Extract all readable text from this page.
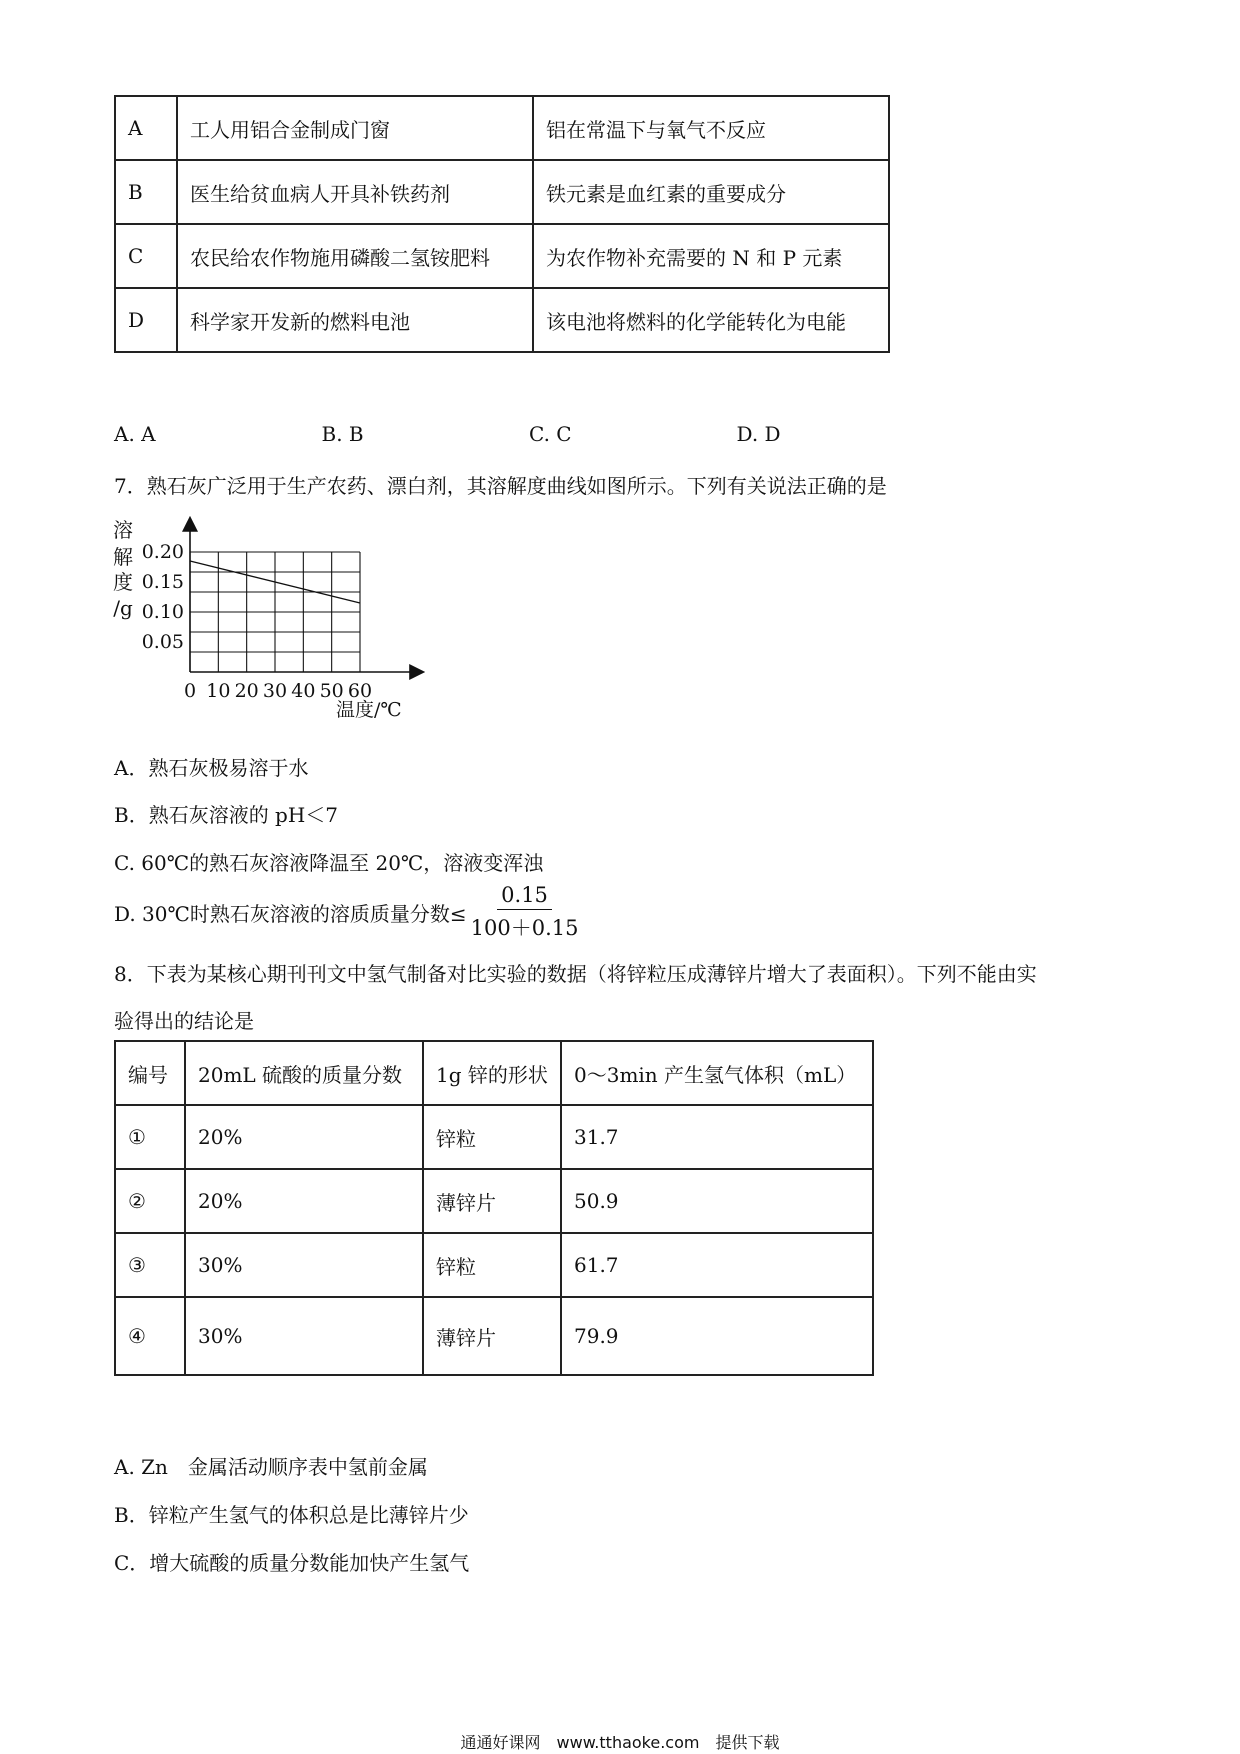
A	工人用铝合金制成门窗	铝在常温下与氧气不反应
B	医生给贫血病人开具补铁药剂	铁元素是血红素的重要成分
C	农民给农作物施用磷酸二氢铵肥料	为农作物补充需要的 N 和 P 元素
D	科学家开发新的燃料电池	该电池将燃料的化学能转化为电能
A. A	B. B	C. C	D. D
7．熟石灰广泛用于生产农药、漂白剂，其溶解度曲线如图所示。下列有关说法正确的是
0.05
0.10
0.15
0.20
0 10 20 30 40 50 60
溶
解
度
/g
温度/℃
A．熟石灰极易溶于水
B．熟石灰溶液的 pH＜7
C. 60℃的熟石灰溶液降温至 20℃，溶液变浑浊
D. 30℃时熟石灰溶液的溶质质量分数≤ $\frac{0.15}{100+0.15}$
8．下表为某核心期刊刊文中氢气制备对比实验的数据（将锌粒压成薄锌片增大了表面积）。下列不能由实
验得出的结论是
编号	20mL 硫酸的质量分数	1g 锌的形状	0～3min 产生氢气体积（mL）
①	20%	锌粒	31.7
②	20%	薄锌片	50.9
③	30%	锌粒	61.7
④	30%	薄锌片	79.9
A. Zn　金属活动顺序表中氢前金属
B．锌粒产生氢气的体积总是比薄锌片少
C．增大硫酸的质量分数能加快产生氢气
通通好课网　www.tthaoke.com　提供下载
